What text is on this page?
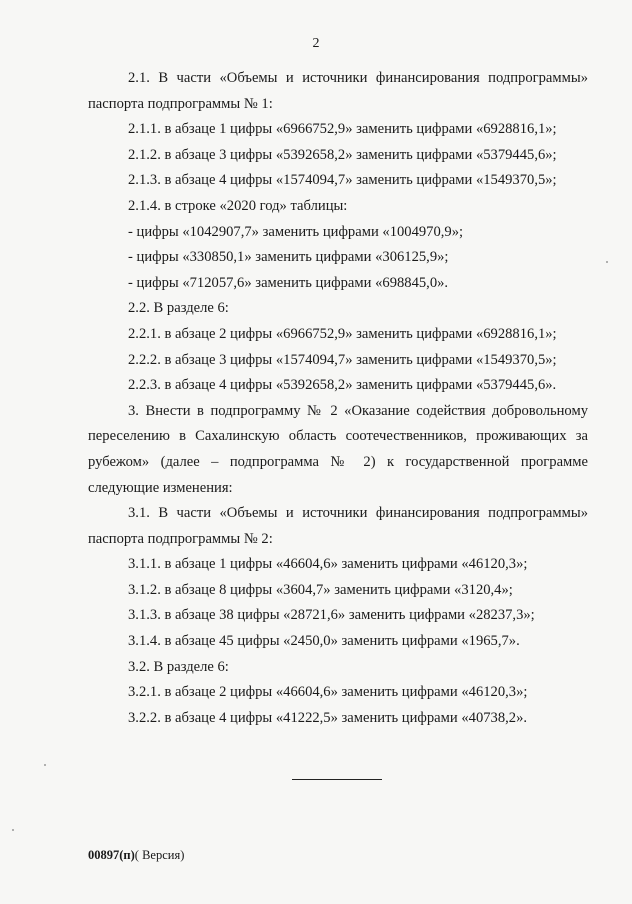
2

2.1. В части «Объемы и источники финансирования подпрограммы» паспорта подпрограммы № 1:

2.1.1. в абзаце 1 цифры «6966752,9» заменить цифрами «6928816,1»;

2.1.2. в абзаце 3 цифры «5392658,2» заменить цифрами «5379445,6»;

2.1.3. в абзаце 4 цифры «1574094,7» заменить цифрами «1549370,5»;

2.1.4. в строке «2020 год» таблицы:

- цифры «1042907,7» заменить цифрами «1004970,9»;

- цифры «330850,1» заменить цифрами «306125,9»;

- цифры «712057,6» заменить цифрами «698845,0».

2.2. В разделе 6:

2.2.1. в абзаце 2 цифры «6966752,9» заменить цифрами «6928816,1»;

2.2.2. в абзаце 3 цифры «1574094,7» заменить цифрами «1549370,5»;

2.2.3. в абзаце 4 цифры «5392658,2» заменить цифрами «5379445,6».

3. Внести в подпрограмму № 2 «Оказание содействия добровольному переселению в Сахалинскую область соотечественников, проживающих за рубежом» (далее – подпрограмма № 2) к государственной программе следующие изменения:

3.1. В части «Объемы и источники финансирования подпрограммы» паспорта подпрограммы № 2:

3.1.1. в абзаце 1 цифры «46604,6» заменить цифрами «46120,3»;

3.1.2. в абзаце 8 цифры «3604,7» заменить цифрами «3120,4»;

3.1.3. в абзаце 38 цифры «28721,6» заменить цифрами «28237,3»;

3.1.4. в абзаце 45 цифры «2450,0» заменить цифрами «1965,7».

3.2. В разделе 6:

3.2.1. в абзаце 2 цифры «46604,6» заменить цифрами «46120,3»;

3.2.2. в абзаце 4 цифры «41222,5» заменить цифрами «40738,2».

00897(п)( Версия)
